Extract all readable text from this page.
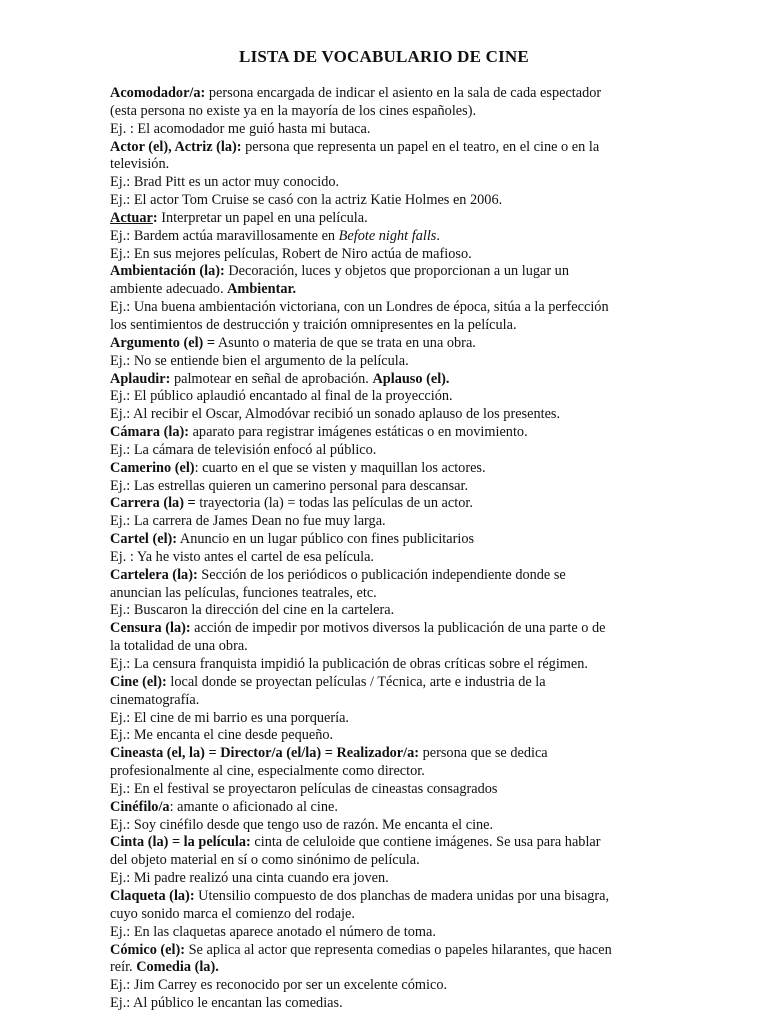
LISTA DE VOCABULARIO DE CINE
Acomodador/a: persona encargada de indicar el asiento en la sala de cada espectador
(esta persona no existe ya en la mayoría de los cines españoles).
Ej. : El acomodador me guió hasta mi butaca.
Actor (el), Actriz (la): persona que representa un papel en el teatro, en el cine o en la
televisión.
Ej.: Brad Pitt es un actor muy conocido.
Ej.: El actor Tom Cruise se casó con la actriz Katie Holmes en 2006.
Actuar: Interpretar un papel en una película.
Ej.: Bardem actúa maravillosamente en Befote night falls.
Ej.: En sus mejores películas, Robert de Niro actúa de mafioso.
Ambientación (la): Decoración, luces y objetos que proporcionan a un lugar un
ambiente adecuado. Ambientar.
Ej.: Una buena ambientación victoriana, con un Londres de época, sitúa a la perfección
los sentimientos de destrucción y traición omnipresentes en la película.
Argumento (el) = Asunto o materia de que se trata en una obra.
Ej.: No se entiende bien el argumento de la película.
Aplaudir: palmotear en señal de aprobación. Aplauso (el).
Ej.: El público aplaudió encantado al final de la proyección.
Ej.: Al recibir el Oscar, Almodóvar recibió un sonado aplauso de los presentes.
Cámara (la): aparato para registrar imágenes estáticas o en movimiento.
Ej.: La cámara de televisión enfocó al público.
Camerino (el): cuarto en el que se visten y maquillan los actores.
Ej.: Las estrellas quieren un camerino personal para descansar.
Carrera (la) = trayectoria (la) = todas las películas de un actor.
Ej.: La carrera de James Dean no fue muy larga.
Cartel (el): Anuncio en un lugar público con fines publicitarios
Ej. : Ya he visto antes el cartel de esa película.
Cartelera (la): Sección de los periódicos o publicación independiente donde se
anuncian las películas, funciones teatrales, etc.
Ej.: Buscaron la dirección del cine en la cartelera.
Censura (la): acción de impedir por motivos diversos la publicación de una parte o de
la totalidad de una obra.
Ej.: La censura franquista impidió la publicación de obras críticas sobre el régimen.
Cine (el): local donde se proyectan películas / Técnica, arte e industria de la
cinematografía.
Ej.: El cine de mi barrio es una porquería.
Ej.: Me encanta el cine desde pequeño.
Cineasta (el, la) = Director/a (el/la) = Realizador/a: persona que se dedica
profesionalmente al cine, especialmente como director.
Ej.: En el festival se proyectaron películas de cineastas consagrados
Cinéfilo/a: amante o aficionado al cine.
Ej.: Soy cinéfilo desde que tengo uso de razón. Me encanta el cine.
Cinta (la) = la película: cinta de celuloide que contiene imágenes. Se usa para hablar
del objeto material en sí o como sinónimo de película.
Ej.: Mi padre realizó una cinta cuando era joven.
Claqueta (la): Utensilio compuesto de dos planchas de madera unidas por una bisagra,
cuyo sonido marca el comienzo del rodaje.
Ej.: En las claquetas aparece anotado el número de toma.
Cómico (el): Se aplica al actor que representa comedias o papeles hilarantes, que hacen
reír. Comedia (la).
Ej.: Jim Carrey es reconocido por ser un excelente cómico.
Ej.: Al público le encantan las comedias.
